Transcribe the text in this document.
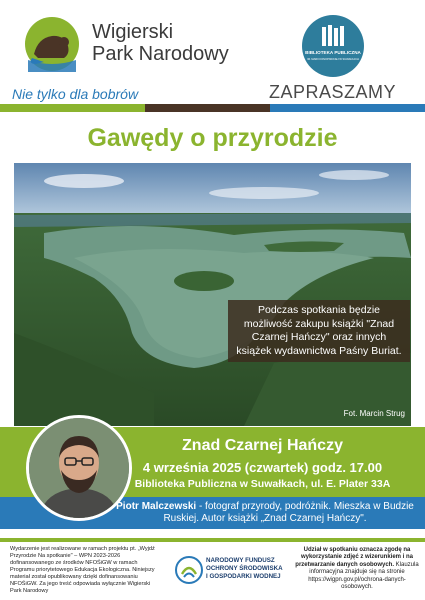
Wigierski
Park Narodowy
Nie tylko dla bobrów
BIBLIOTEKA PUBLICZNA
IM. MARII KONOPNICKIEJ W SUWAŁKACH
ZAPRASZAMY
Gawędy o przyrodzie
Podczas spotkania będzie możliwość zakupu książki "Znad Czarnej Hańczy" oraz innych książek wydawnictwa Paśny Buriat.
Fot. Marcin Strug
Znad Czarnej Hańczy
4 września 2025 (czwartek) godz. 17.00
Biblioteka Publiczna w Suwałkach, ul. E. Plater 33A
Piotr Malczewski - fotograf przyrody, podróżnik. Mieszka w Budzie Ruskiej. Autor książki „Znad Czarnej Hańczy".
Wydarzenie jest realizowane w ramach projektu pt. „Wyjdź Przyrodzie Na spotkanie" – WPN 2023-2026 dofinansowanego ze środków NFOŚiGW w ramach Programu priorytetowego Edukacja Ekologiczna. Niniejszy materiał został opublikowany dzięki dofinansowaniu NFOŚiGW. Za jego treść odpowiada wyłącznie Wigierski Park Narodowy
NARODOWY FUNDUSZ
OCHRONY ŚRODOWISKA
I GOSPODARKI WODNEJ
Udział w spotkaniu oznacza zgodę na wykorzystanie zdjęć z wizerunkiem i na przetwarzanie danych osobowych. Klauzula informacyjna znajduje się na stronie https://wigpn.gov.pl/ochrona-danych-osobowych.
